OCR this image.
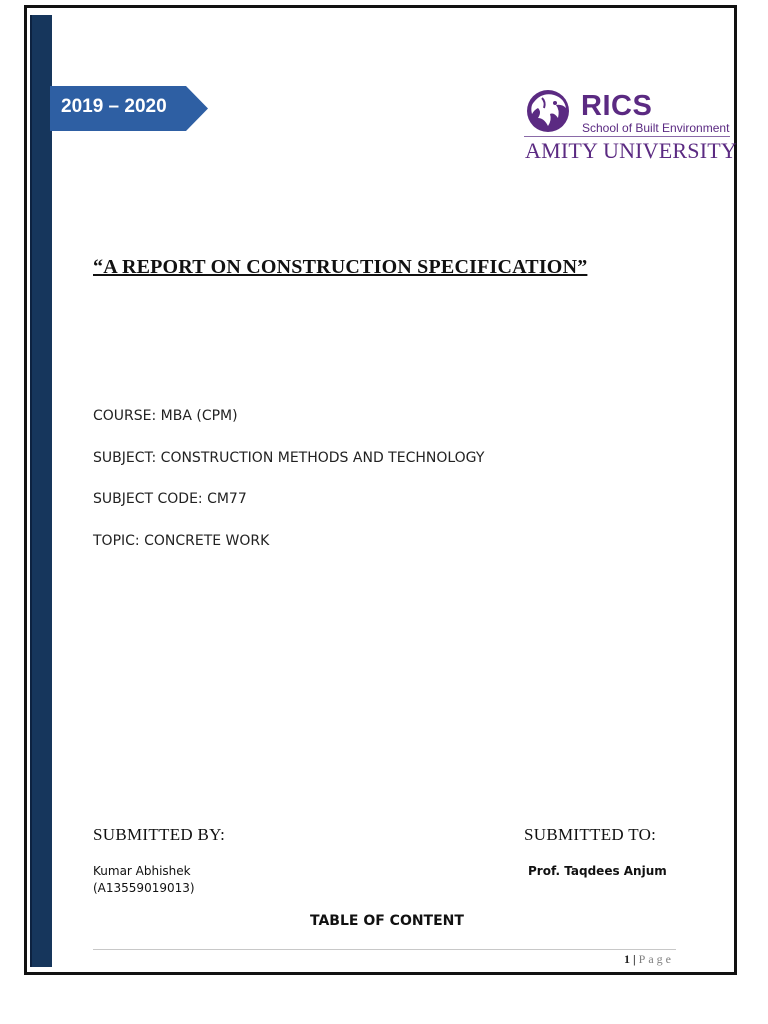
2019 – 2020	RICS
School of Built Environment
AMITY UNIVERSITY
“A REPORT ON CONSTRUCTION SPECIFICATION”
COURSE: MBA (CPM)
SUBJECT: CONSTRUCTION METHODS AND TECHNOLOGY
SUBJECT CODE: CM77
TOPIC: CONCRETE WORK
SUBMITTED BY:	SUBMITTED TO:
Kumar Abhishek
(A13559019013)
Prof. Taqdees Anjum
TABLE OF CONTENT
1 | Page
